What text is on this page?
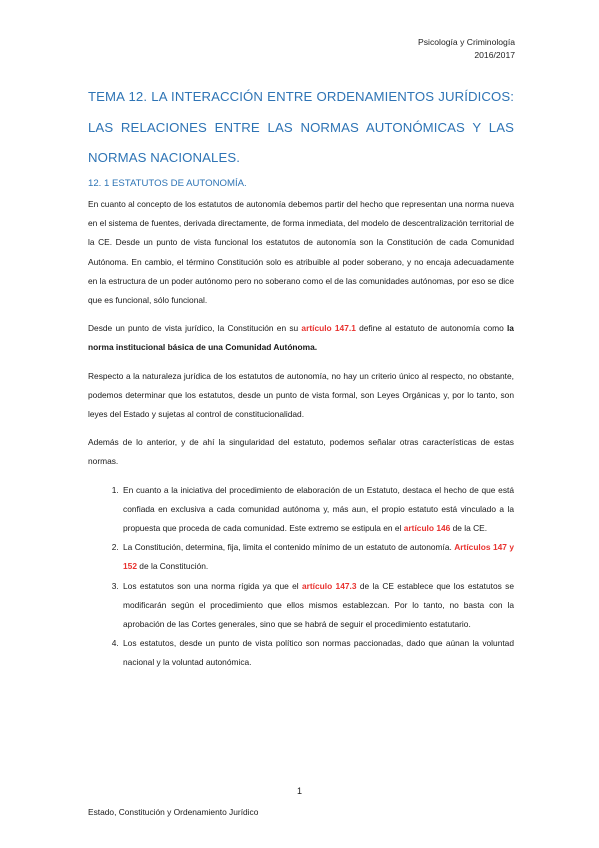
Psicología y Criminología
2016/2017
TEMA 12. LA INTERACCIÓN ENTRE ORDENAMIENTOS JURÍDICOS:
LAS RELACIONES ENTRE LAS NORMAS AUTONÓMICAS Y LAS
NORMAS NACIONALES.
12. 1 ESTATUTOS DE AUTONOMÍA.

En cuanto al concepto de los estatutos de autonomía debemos partir del hecho que representan una norma nueva en el sistema de fuentes, derivada directamente, de forma inmediata, del modelo de descentralización territorial de la CE. Desde un punto de vista funcional los estatutos de autonomía son la Constitución de cada Comunidad Autónoma. En cambio, el término Constitución solo es atribuible al poder soberano, y no encaja adecuadamente en la estructura de un poder autónomo pero no soberano como el de las comunidades autónomas, por eso se dice que es funcional, sólo funcional.

Desde un punto de vista jurídico, la Constitución en su artículo 147.1 define al estatuto de autonomía como la norma institucional básica de una Comunidad Autónoma.

Respecto a la naturaleza jurídica de los estatutos de autonomía, no hay un criterio único al respecto, no obstante, podemos determinar que los estatutos, desde un punto de vista formal, son Leyes Orgánicas y, por lo tanto, son leyes del Estado y sujetas al control de constitucionalidad.

Además de lo anterior, y de ahí la singularidad del estatuto, podemos señalar otras características de estas normas.

1. En cuanto a la iniciativa del procedimiento de elaboración de un Estatuto, destaca el hecho de que está confiada en exclusiva a cada comunidad autónoma y, más aun, el propio estatuto está vinculado a la propuesta que proceda de cada comunidad. Este extremo se estipula en el artículo 146 de la CE.
2. La Constitución, determina, fija, limita el contenido mínimo de un estatuto de autonomía. Artículos 147 y 152 de la Constitución.
3. Los estatutos son una norma rígida ya que el artículo 147.3 de la CE establece que los estatutos se modificarán según el procedimiento que ellos mismos establezcan. Por lo tanto, no basta con la aprobación de las Cortes generales, sino que se habrá de seguir el procedimiento estatutario.
4. Los estatutos, desde un punto de vista político son normas paccionadas, dado que aúnan la voluntad nacional y la voluntad autonómica.
1
Estado, Constitución y Ordenamiento Jurídico
